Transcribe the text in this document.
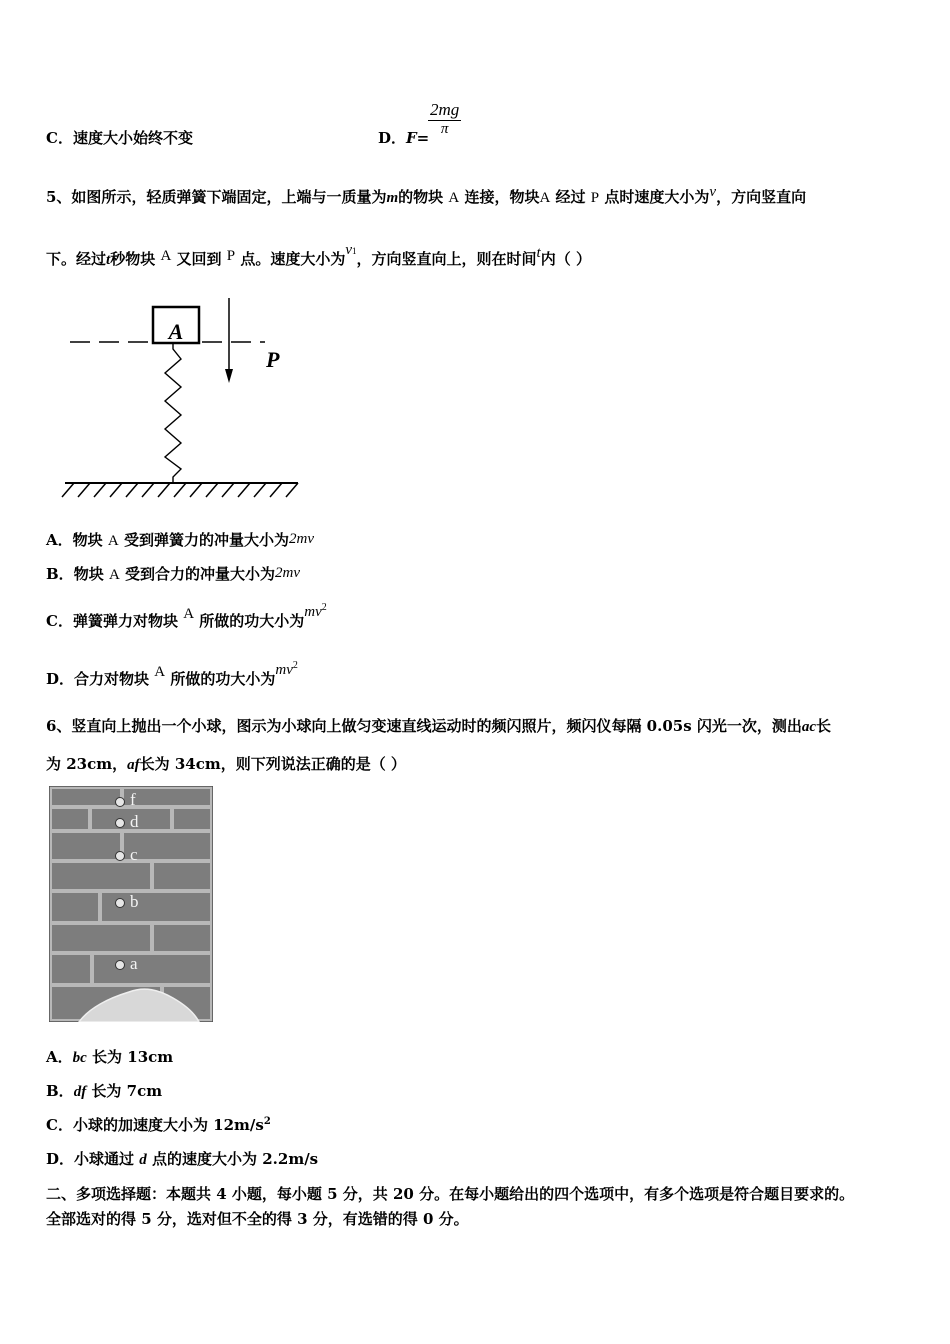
C．速度大小始终不变	D．F=
$\frac{2mg}{\pi}$
5、如图所示，轻质弹簧下端固定，上端与一质量为m的物块 A 连接，物块A 经过 P 点时速度大小为v，方向竖直向
下。经过t秒物块 A 又回到 P 点。速度大小为v1，方向竖直向上，则在时间t内（ ）
A
P
A．物块 A 受到弹簧力的冲量大小为2mv
B．物块 A 受到合力的冲量大小为2mv
C．弹簧弹力对物块 A 所做的功大小为$mv^2$
D．合力对物块 A 所做的功大小为$mv^2$
6、竖直向上抛出一个小球，图示为小球向上做匀变速直线运动时的频闪照片，频闪仪每隔 0.05s 闪光一次，测出ac长
为 23cm，af长为 34cm，则下列说法正确的是（ ）
f
d
c
b
a
A．bc 长为 13cm
B．df 长为 7cm
C．小球的加速度大小为 $12m/s^2$
D．小球通过 d 点的速度大小为 2.2m/s
二、多项选择题：本题共 4 小题，每小题 5 分，共 20 分。在每小题给出的四个选项中，有多个选项是符合题目要求的。
全部选对的得 5 分，选对但不全的得 3 分，有选错的得 0 分。
